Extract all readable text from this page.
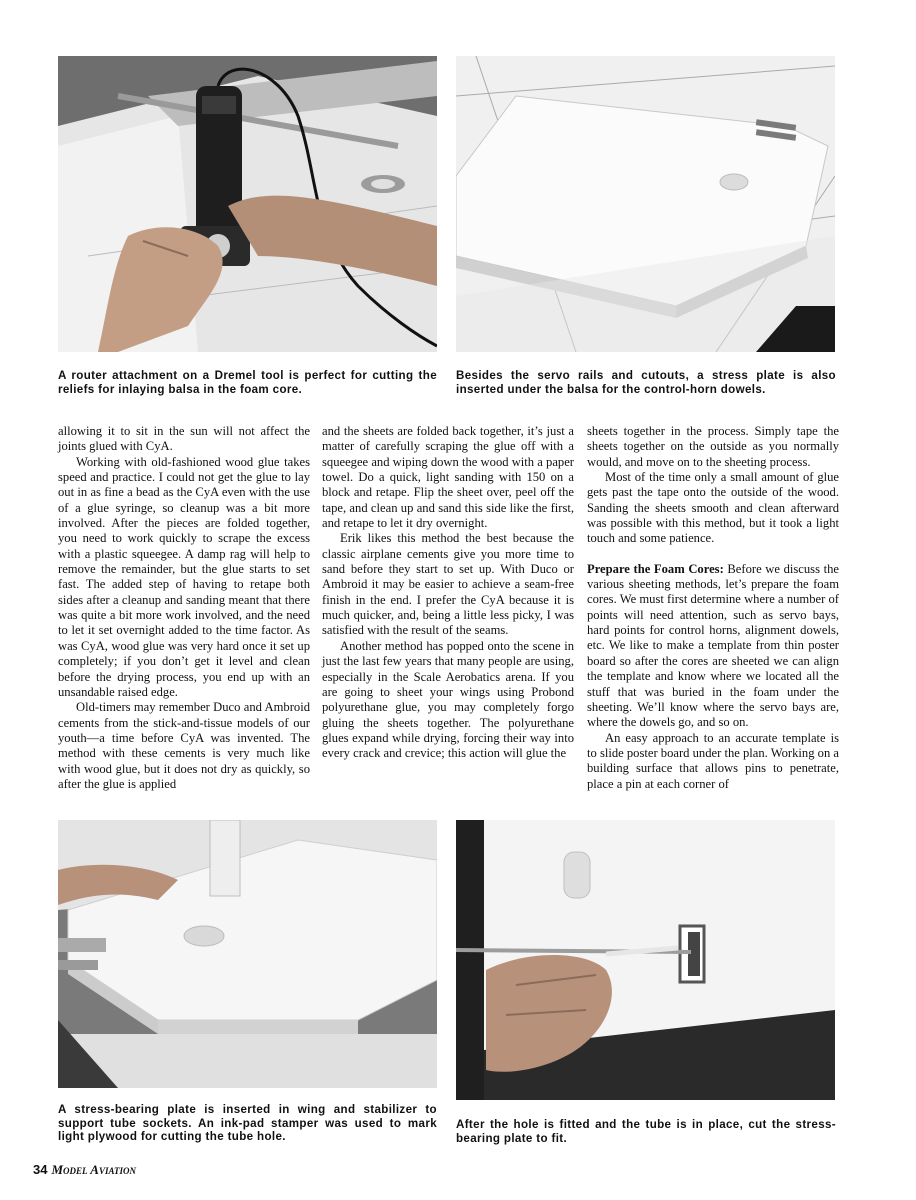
A router attachment on a Dremel tool is perfect for cutting the reliefs for inlaying balsa in the foam core.
Besides the servo rails and cutouts, a stress plate is also inserted under the balsa for the control-horn dowels.

allowing it to sit in the sun will not affect the joints glued with CyA.

Working with old-fashioned wood glue takes speed and practice. I could not get the glue to lay out in as fine a bead as the CyA even with the use of a glue syringe, so cleanup was a bit more involved. After the pieces are folded together, you need to work quickly to scrape the excess with a plastic squeegee. A damp rag will help to remove the remainder, but the glue starts to set fast. The added step of having to retape both sides after a cleanup and sanding meant that there was quite a bit more work involved, and the need to let it set overnight added to the time factor. As was CyA, wood glue was very hard once it set up completely; if you don’t get it level and clean before the drying process, you end up with an unsandable raised edge.

Old-timers may remember Duco and Ambroid cements from the stick-and-tissue models of our youth—a time before CyA was invented. The method with these cements is very much like with wood glue, but it does not dry as quickly, so after the glue is applied

and the sheets are folded back together, it’s just a matter of carefully scraping the glue off with a squeegee and wiping down the wood with a paper towel. Do a quick, light sanding with 150 on a block and retape. Flip the sheet over, peel off the tape, and clean up and sand this side like the first, and retape to let it dry overnight.

Erik likes this method the best because the classic airplane cements give you more time to sand before they start to set up. With Duco or Ambroid it may be easier to achieve a seam-free finish in the end. I prefer the CyA because it is much quicker, and, being a little less picky, I was satisfied with the result of the seams.

Another method has popped onto the scene in just the last few years that many people are using, especially in the Scale Aerobatics arena. If you are going to sheet your wings using Probond polyurethane glue, you may completely forgo gluing the sheets together. The polyurethane glues expand while drying, forcing their way into every crack and crevice; this action will glue the

sheets together in the process. Simply tape the sheets together on the outside as you normally would, and move on to the sheeting process.

Most of the time only a small amount of glue gets past the tape onto the outside of the wood. Sanding the sheets smooth and clean afterward was possible with this method, but it took a light touch and some patience.

Prepare the Foam Cores: Before we discuss the various sheeting methods, let’s prepare the foam cores. We must first determine where a number of points will need attention, such as servo bays, hard points for control horns, alignment dowels, etc. We like to make a template from thin poster board so after the cores are sheeted we can align the template and know where we located all the stuff that was buried in the foam under the sheeting. We’ll know where the servo bays are, where the dowels go, and so on.

An easy approach to an accurate template is to slide poster board under the plan. Working on a building surface that allows pins to penetrate, place a pin at each corner of

A stress-bearing plate is inserted in wing and stabilizer to support tube sockets. An ink-pad stamper was used to mark light plywood for cutting the tube hole.
After the hole is fitted and the tube is in place, cut the stress-bearing plate to fit.
34 Model Aviation
